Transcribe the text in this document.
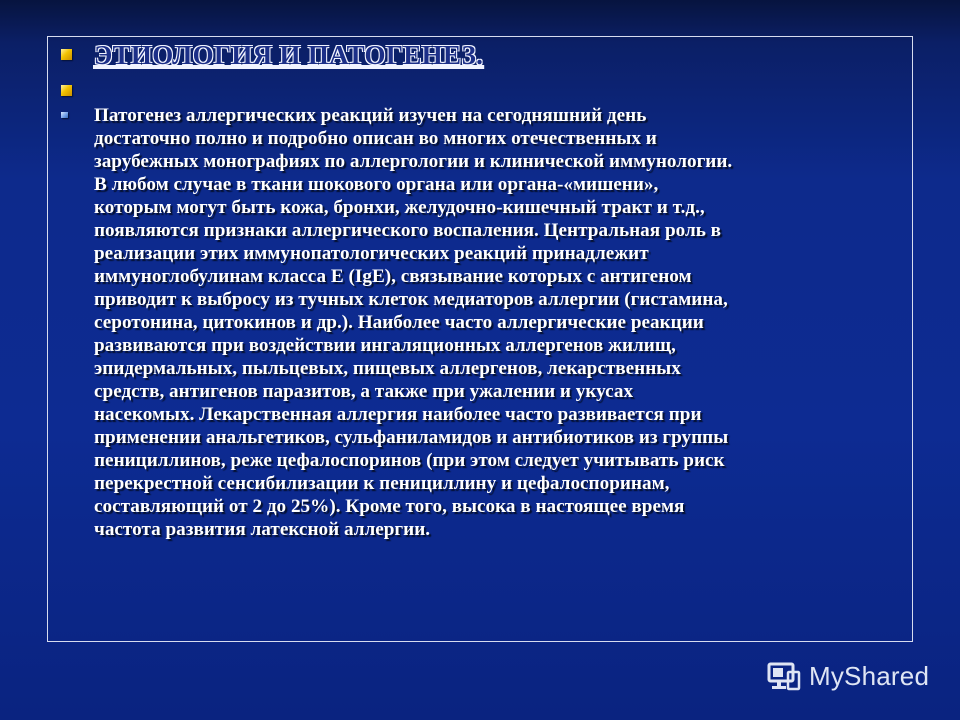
ЭТИОЛОГИЯ И ПАТОГЕНЕЗ.
Патогенез аллергических реакций изучен на сегодняшний день
достаточно полно и подробно описан во многих отечественных и
зарубежных монографиях по аллергологии и клинической иммунологии.
В любом случае в ткани шокового органа или органа-«мишени»,
которым могут быть кожа, бронхи, желудочно-кишечный тракт и т.д.,
появляются признаки аллергического воспаления. Центральная роль в
реализации этих иммунопатологических реакций принадлежит
иммуноглобулинам класса Е (IgE), связывание которых с антигеном
приводит к выбросу из тучных клеток медиаторов аллергии (гистамина,
серотонина, цитокинов и др.). Наиболее часто аллергические реакции
развиваются при воздействии ингаляционных аллергенов жилищ,
эпидермальных, пыльцевых, пищевых аллергенов, лекарственных
средств, антигенов паразитов, а также при ужалении и укусах
насекомых. Лекарственная аллергия наиболее часто развивается при
применении анальгетиков, сульфаниламидов и антибиотиков из группы
пенициллинов, реже цефалоспоринов (при этом следует учитывать риск
перекрестной сенсибилизации к пенициллину и цефалоспоринам,
составляющий от 2 до 25%). Кроме того, высока в настоящее время
частота развития латексной аллергии.
MyShared
